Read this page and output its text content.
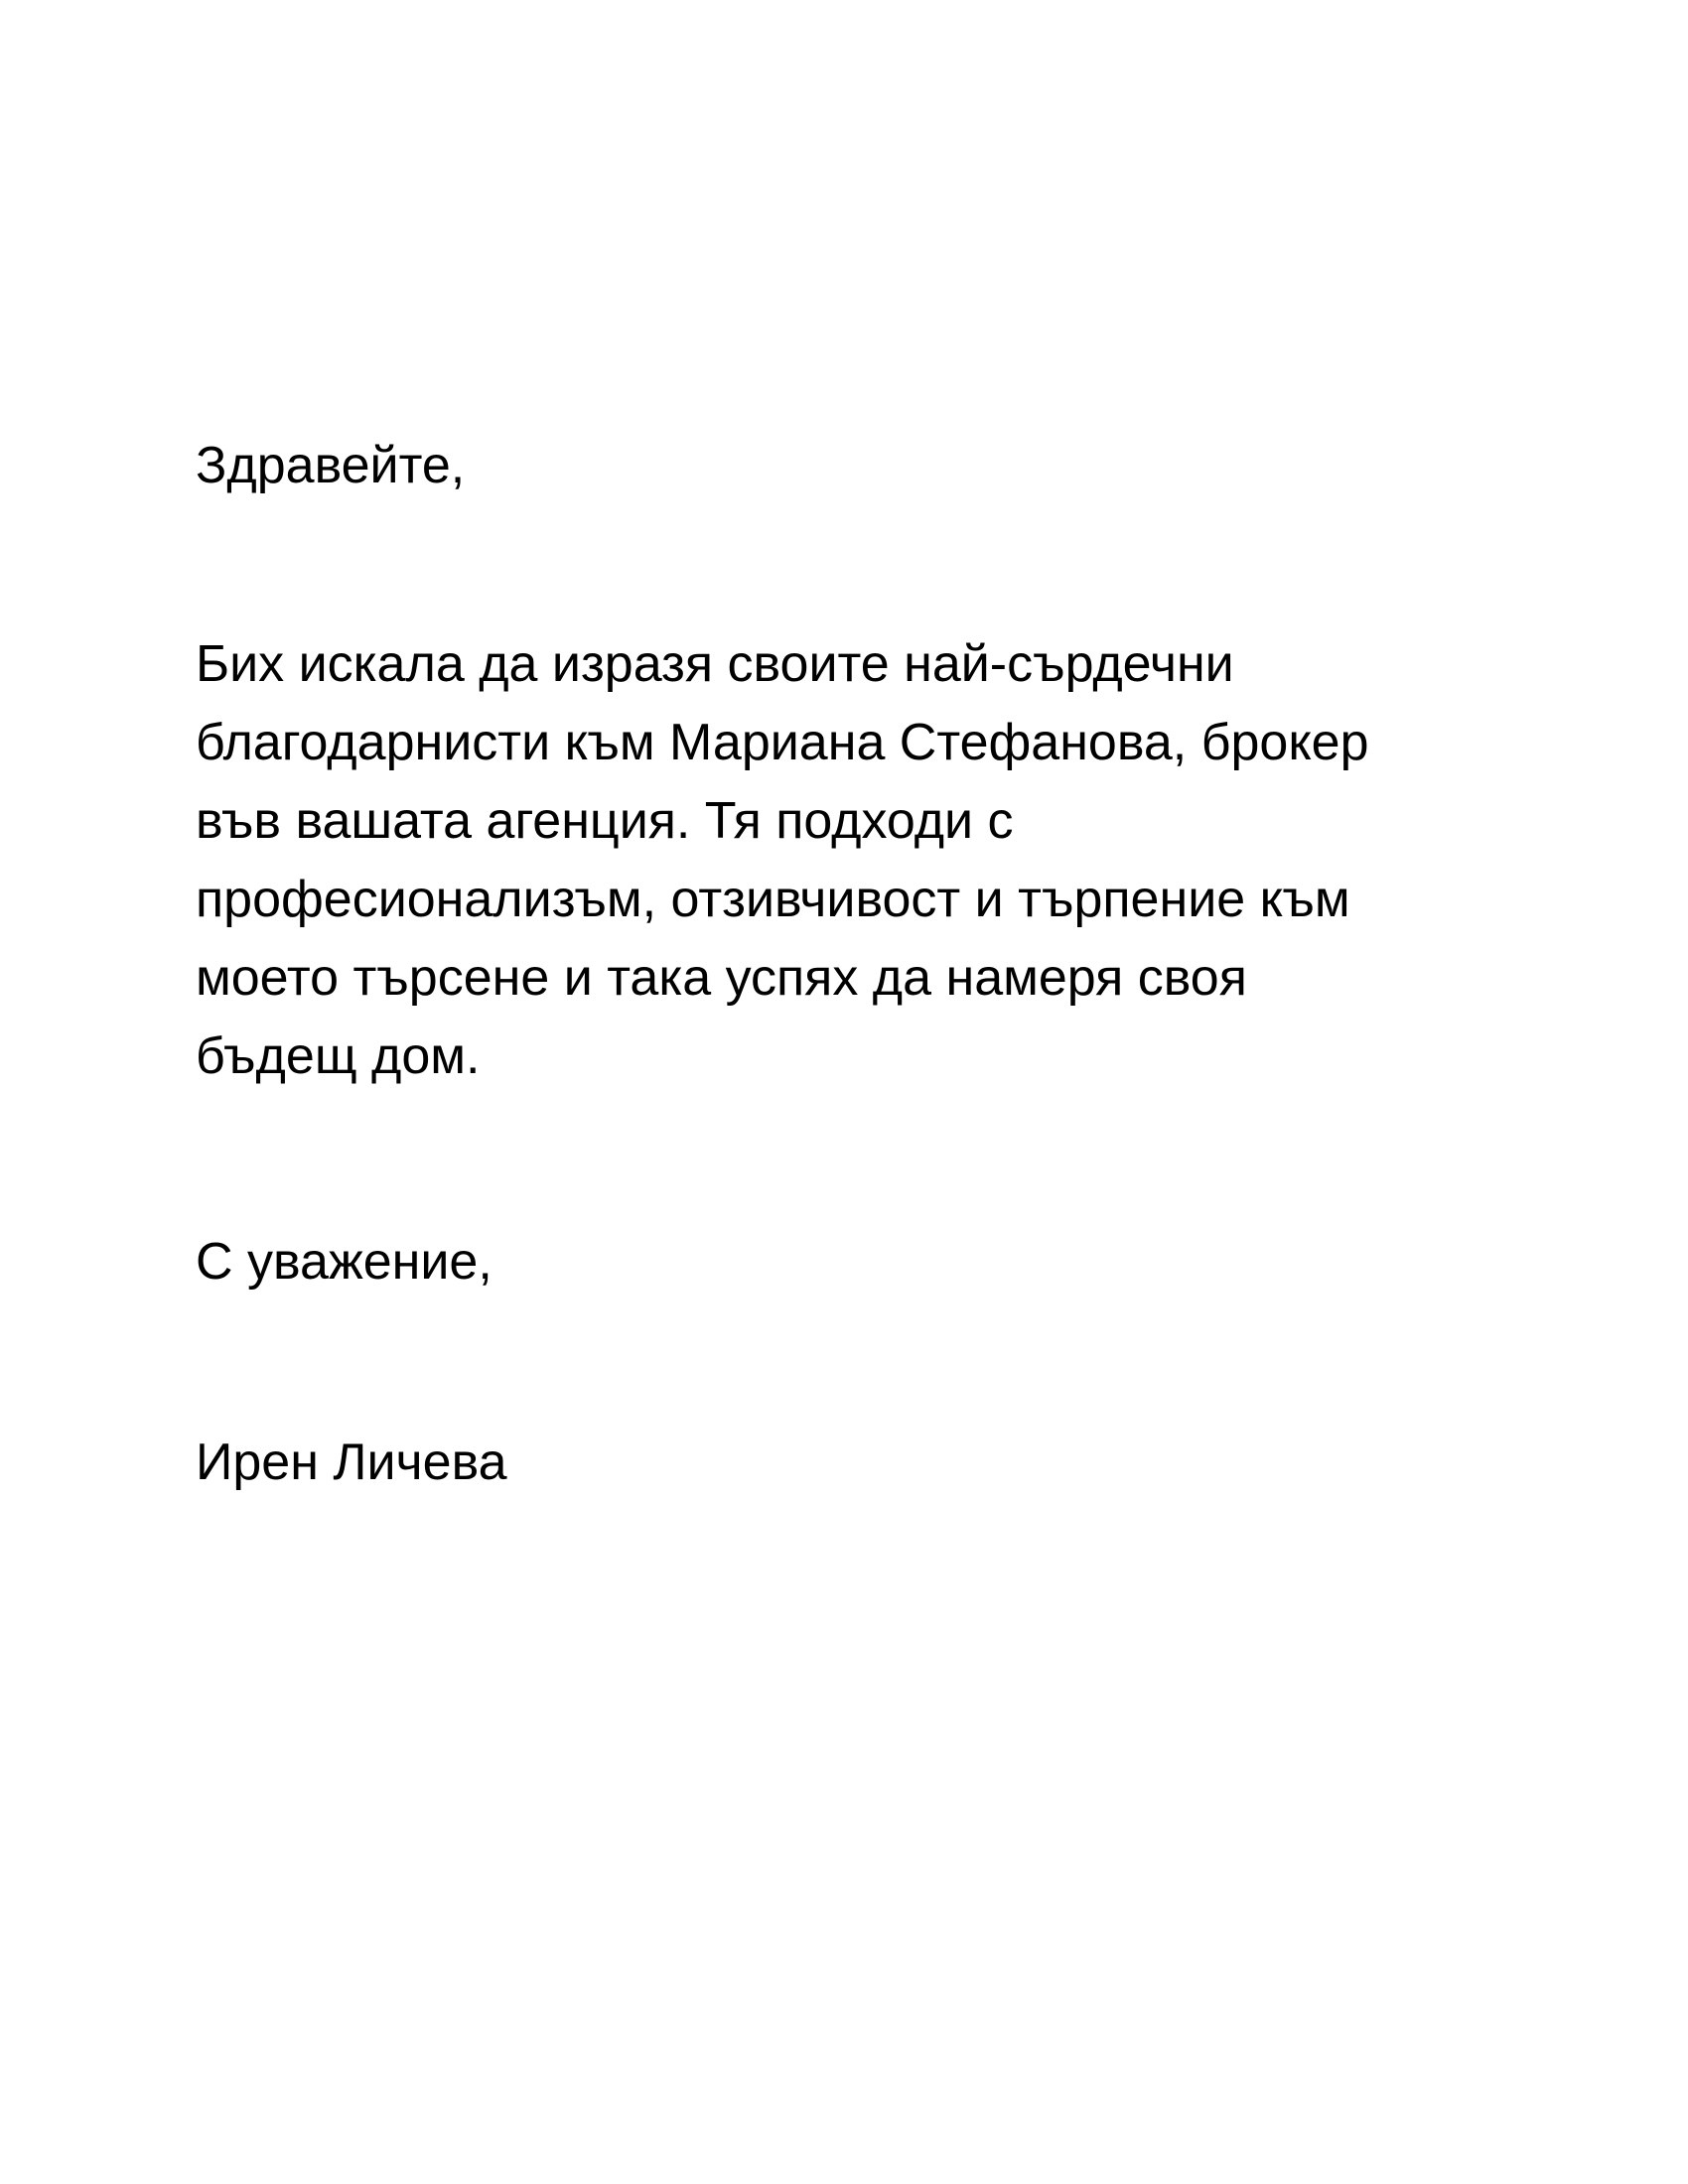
Здравейте,

Бих искала да изразя своите най-сърдечни
благодарнисти към Мариана Стефанова, брокер
във вашата агенция. Тя подходи с
професионализъм, отзивчивост и търпение към
моето търсене и така успях да намеря своя
бъдещ дом.

С уважение,

Ирен Личева
